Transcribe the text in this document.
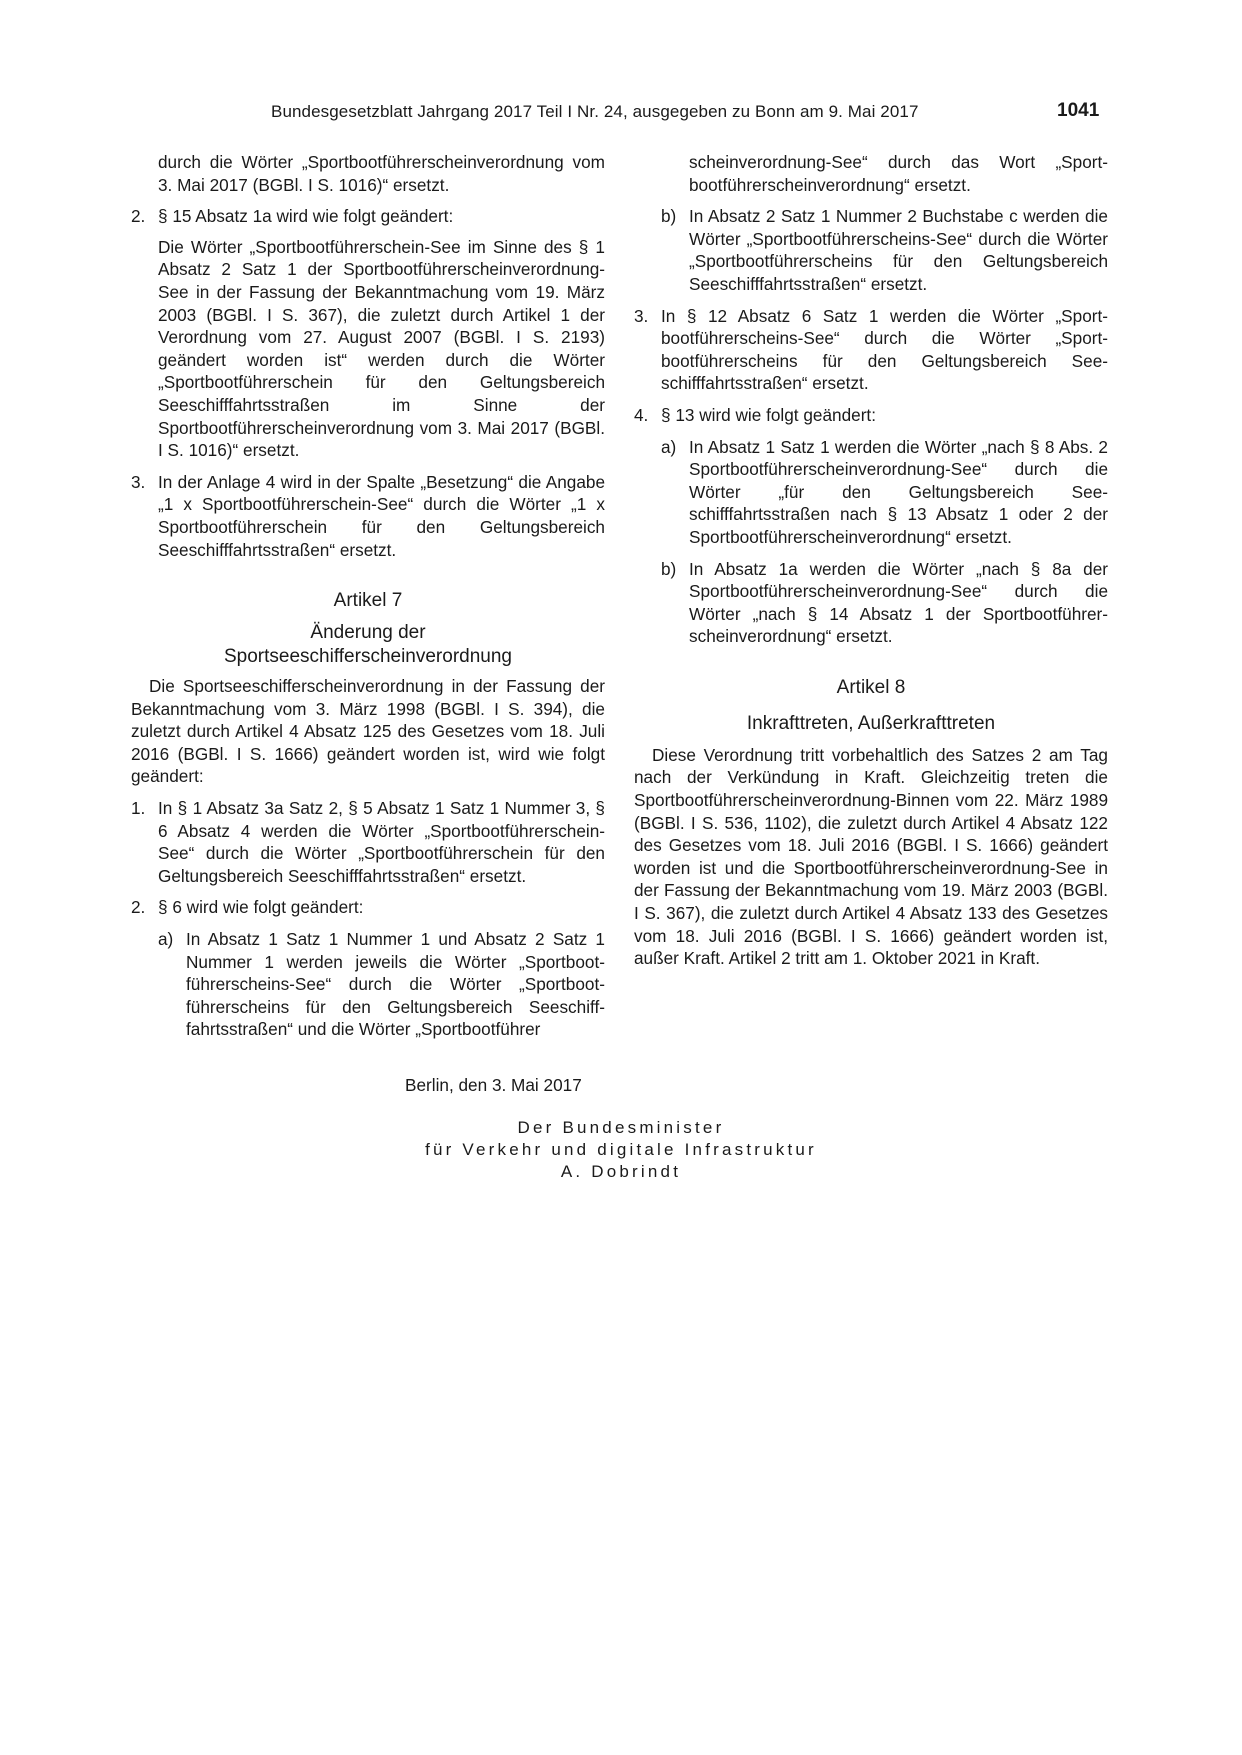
Bundesgesetzblatt Jahrgang 2017 Teil I Nr. 24, ausgegeben zu Bonn am 9. Mai 2017	1041

durch die Wörter „Sportbootführerscheinverordnung vom 3. Mai 2017 (BGBl. I S. 1016)“ ersetzt.

2. § 15 Absatz 1a wird wie folgt geändert:

Die Wörter „Sportbootführerschein-See im Sinne des § 1 Absatz 2 Satz 1 der Sportbootführerscheinverordnung-See in der Fassung der Bekanntmachung vom 19. März 2003 (BGBl. I S. 367), die zuletzt durch Artikel 1 der Verordnung vom 27. August 2007 (BGBl. I S. 2193) geändert worden ist“ werden durch die Wörter „Sportbootführerschein für den Geltungsbereich Seeschifffahrtsstraßen im Sinne der Sportbootführerscheinverordnung vom 3. Mai 2017 (BGBl. I S. 1016)“ ersetzt.

3. In der Anlage 4 wird in der Spalte „Besetzung“ die Angabe „1 x Sportbootführerschein-See“ durch die Wörter „1 x Sportbootführerschein für den Geltungsbereich Seeschifffahrtsstraßen“ ersetzt.

Artikel 7
Änderung der
Sportseeschifferscheinverordnung

Die Sportseeschifferscheinverordnung in der Fassung der Bekanntmachung vom 3. März 1998 (BGBl. I S. 394), die zuletzt durch Artikel 4 Absatz 125 des Gesetzes vom 18. Juli 2016 (BGBl. I S. 1666) geändert worden ist, wird wie folgt geändert:

1. In § 1 Absatz 3a Satz 2, § 5 Absatz 1 Satz 1 Nummer 3, § 6 Absatz 4 werden die Wörter „Sportbootführerschein-See“ durch die Wörter „Sportbootführerschein für den Geltungsbereich Seeschifffahrtsstraßen“ ersetzt.

2. § 6 wird wie folgt geändert:

a) In Absatz 1 Satz 1 Nummer 1 und Absatz 2 Satz 1 Nummer 1 werden jeweils die Wörter „Sportbootführerscheins-See“ durch die Wörter „Sportbootführerscheins für den Geltungsbereich Seeschifffahrtsstraßen“ und die Wörter „Sportbootführer

scheinverordnung-See“ durch das Wort „Sportbootführerscheinverordnung“ ersetzt.

b) In Absatz 2 Satz 1 Nummer 2 Buchstabe c werden die Wörter „Sportbootführerscheins-See“ durch die Wörter „Sportbootführerscheins für den Geltungsbereich Seeschifffahrtsstraßen“ ersetzt.

3. In § 12 Absatz 6 Satz 1 werden die Wörter „Sportbootführerscheins-See“ durch die Wörter „Sportbootführerscheins für den Geltungsbereich Seeschifffahrtsstraßen“ ersetzt.

4. § 13 wird wie folgt geändert:

a) In Absatz 1 Satz 1 werden die Wörter „nach § 8 Abs. 2 Sportbootführerscheinverordnung-See“ durch die Wörter „für den Geltungsbereich Seeschifffahrtsstraßen nach § 13 Absatz 1 oder 2 der Sportbootführerscheinverordnung“ ersetzt.

b) In Absatz 1a werden die Wörter „nach § 8a der Sportbootführerscheinverordnung-See“ durch die Wörter „nach § 14 Absatz 1 der Sportbootführerscheinverordnung“ ersetzt.

Artikel 8
Inkrafttreten, Außerkrafttreten

Diese Verordnung tritt vorbehaltlich des Satzes 2 am Tag nach der Verkündung in Kraft. Gleichzeitig treten die Sportbootführerscheinverordnung-Binnen vom 22. März 1989 (BGBl. I S. 536, 1102), die zuletzt durch Artikel 4 Absatz 122 des Gesetzes vom 18. Juli 2016 (BGBl. I S. 1666) geändert worden ist und die Sportbootführerscheinverordnung-See in der Fassung der Bekanntmachung vom 19. März 2003 (BGBl. I S. 367), die zuletzt durch Artikel 4 Absatz 133 des Gesetzes vom 18. Juli 2016 (BGBl. I S. 1666) geändert worden ist, außer Kraft. Artikel 2 tritt am 1. Oktober 2021 in Kraft.

Berlin, den 3. Mai 2017
Der Bundesminister
für Verkehr und digitale Infrastruktur
A. Dobrindt
